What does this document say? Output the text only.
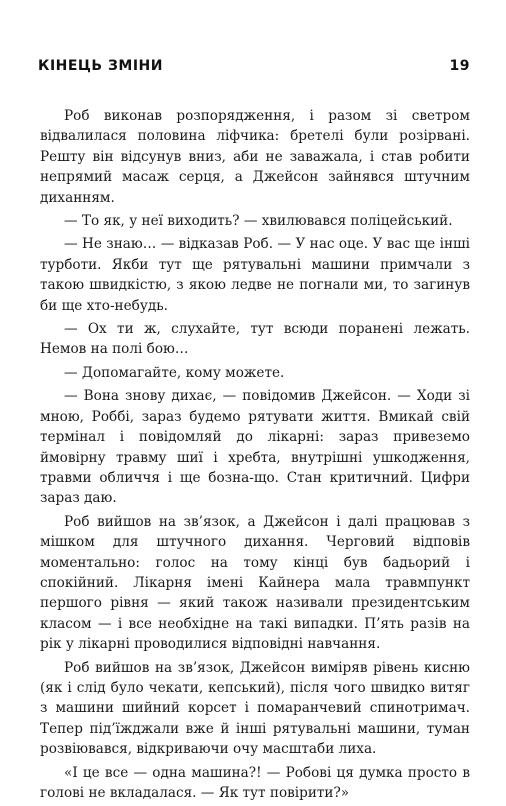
КІНЕЦЬ ЗМІНИ	19

Роб виконав розпорядження, і разом зі светром відвалилася половина ліфчика: бретелі були розірвані. Решту він відсунув вниз, аби не заважала, і став робити непрямий масаж серця, а Джейсон зайнявся штучним диханням.

— То як, у неї виходить? — хвилювався поліцейський.

— Не знаю… — відказав Роб. — У нас оце. У вас ще інші турботи. Якби тут ще рятувальні машини примчали з такою швидкістю, з якою ледве не погнали ми, то загинув би ще хто-небудь.

— Ох ти ж, слухайте, тут всюди поранені лежать. Немов на полі бою…

— Допомагайте, кому можете.

— Вона знову дихає, — повідомив Джейсон. — Ходи зі мною, Роббі, зараз будемо рятувати життя. Вмикай свій термінал і повідомляй до лікарні: зараз привеземо ймовірну травму шиї і хребта, внутрішні ушкодження, травми обличчя і ще бозна-що. Стан критичний. Цифри зараз даю.

Роб вийшов на зв’язок, а Джейсон і далі працював з мішком для штучного дихання. Черговий відповів моментально: голос на тому кінці був бадьорий і спокійний. Лікарня імені Кайнера мала травмпункт першого рівня — який також називали президентським класом — і все необхідне на такі випадки. П’ять разів на рік у лікарні проводилися відповідні навчання.

Роб вийшов на зв’язок, Джейсон виміряв рівень кисню (як і слід було чекати, кепський), після чого швидко витяг з машини шийний корсет і помаранчевий спинотримач. Тепер під’їжджали вже й інші рятувальні машини, туман розвіювався, відкриваючи очу масштаби лиха.

«І це все — одна машина?! — Робові ця думка просто в голові не вкладалася. — Як тут повірити?»
